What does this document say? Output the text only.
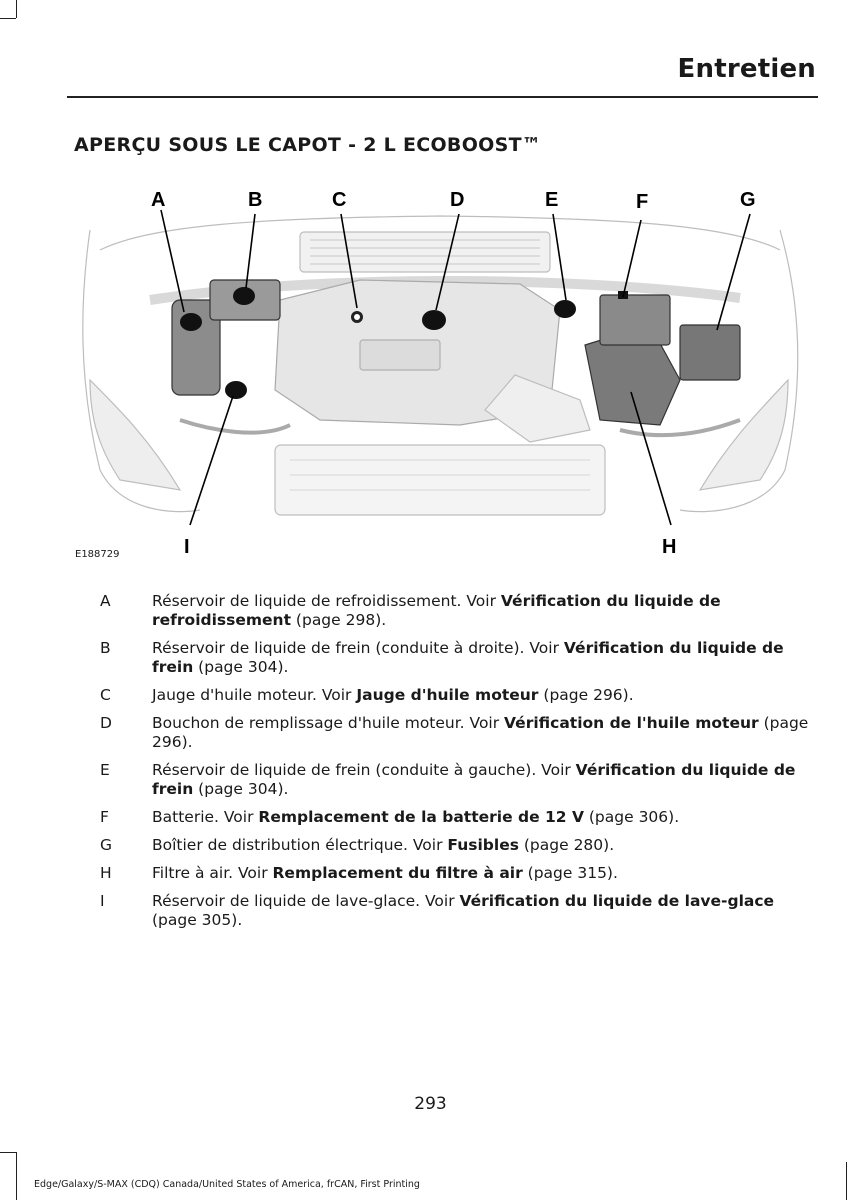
Entretien
APERÇU SOUS LE CAPOT - 2 L ECOBOOST™
A	B	C	D	E	F	G
H
I
E188729
A	Réservoir de liquide de refroidissement. Voir Vérification du liquide de refroidissement (page 298).
B	Réservoir de liquide de frein (conduite à droite). Voir Vérification du liquide de frein (page 304).
C	Jauge d'huile moteur. Voir Jauge d'huile moteur (page 296).
D	Bouchon de remplissage d'huile moteur. Voir Vérification de l'huile moteur (page 296).
E	Réservoir de liquide de frein (conduite à gauche). Voir Vérification du liquide de frein (page 304).
F	Batterie. Voir Remplacement de la batterie de 12 V (page 306).
G	Boîtier de distribution électrique. Voir Fusibles (page 280).
H	Filtre à air. Voir Remplacement du filtre à air (page 315).
I	Réservoir de liquide de lave-glace. Voir Vérification du liquide de lave-glace (page 305).
293
Edge/Galaxy/S-MAX (CDQ) Canada/United States of America, frCAN, First Printing
